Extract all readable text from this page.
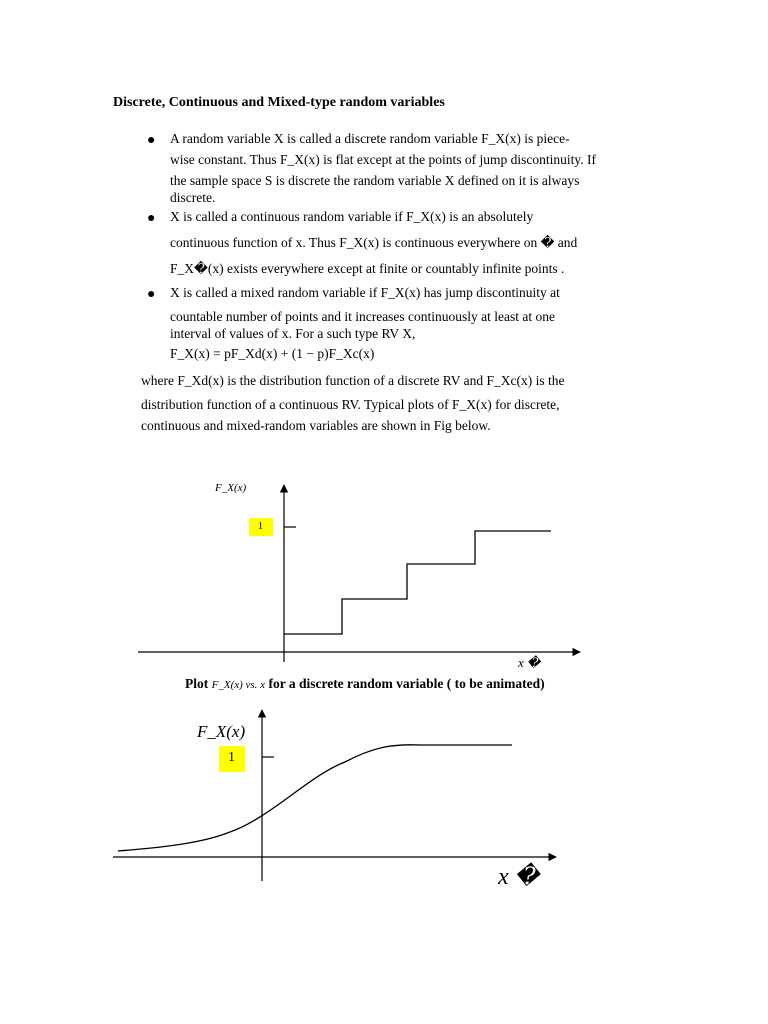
Discrete, Continuous and Mixed-type random variables
● A random variable X is called a discrete random variable F_X(x) is piece-
wise constant. Thus F_X(x) is flat except at the points of jump discontinuity. If
the sample space S is discrete the random variable X defined on it is always
discrete.
● X is called a continuous random variable if F_X(x) is an absolutely
continuous function of x. Thus F_X(x) is continuous everywhere on � and
F_X�(x) exists everywhere except at finite or countably infinite points .
● X is called a mixed random variable if F_X(x) has jump discontinuity at
countable number of points and it increases continuously at least at one
interval of values of x. For a such type RV X,
F_X(x) = pF_Xd(x) + (1 − p)F_Xc(x)
where F_Xd(x) is the distribution function of a discrete RV and F_Xc(x) is the
distribution function of a continuous RV. Typical plots of F_X(x) for discrete,
continuous and mixed-random variables are shown in Fig below.
F_X(x)
1
x �
Plot F_X(x) vs. x for a discrete random variable ( to be animated)
F_X(x)
1
x �
